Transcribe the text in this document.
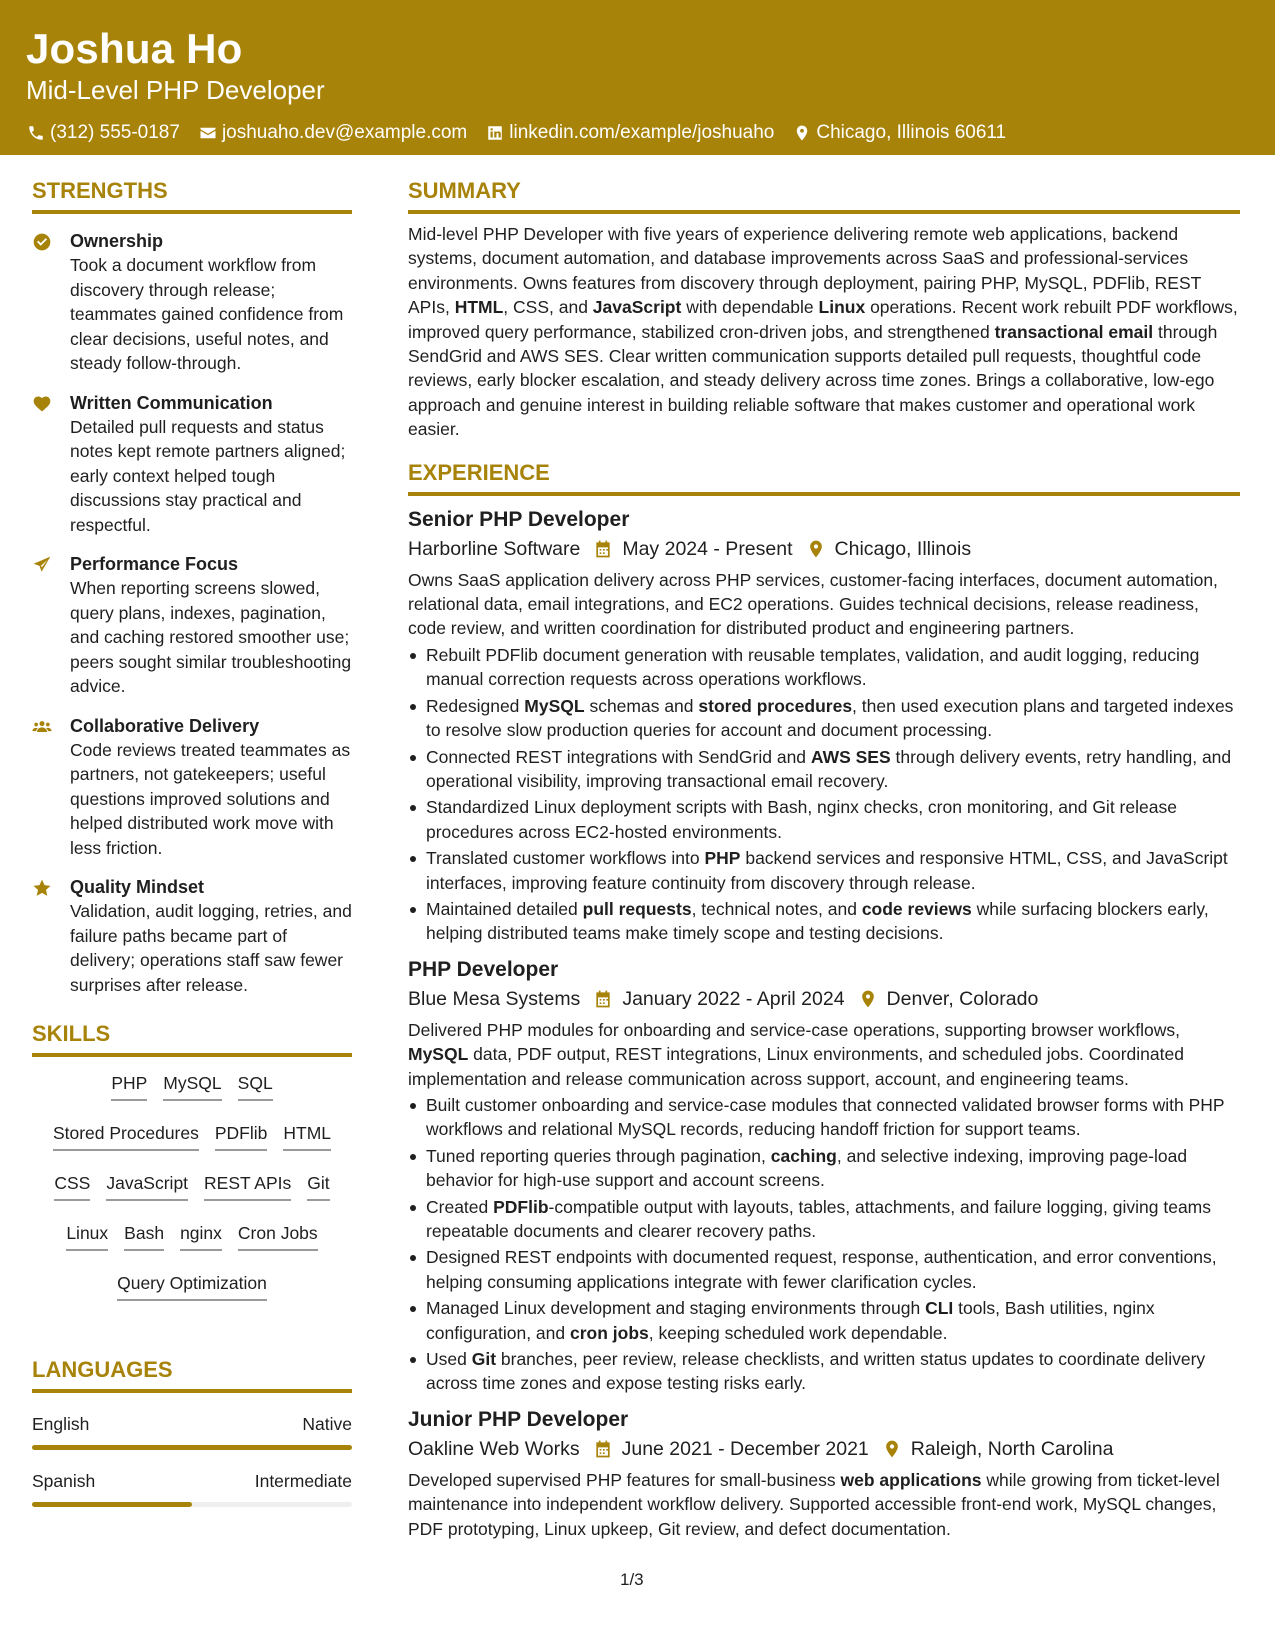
Joshua Ho
Mid-Level PHP Developer
(312) 555-0187 joshuaho.dev@example.com linkedin.com/example/joshuaho Chicago, Illinois 60611
STRENGTHS
Ownership
Took a document workflow from discovery through release; teammates gained confidence from clear decisions, useful notes, and steady follow-through.
Written Communication
Detailed pull requests and status notes kept remote partners aligned; early context helped tough discussions stay practical and respectful.
Performance Focus
When reporting screens slowed, query plans, indexes, pagination, and caching restored smoother use; peers sought similar troubleshooting advice.
Collaborative Delivery
Code reviews treated teammates as partners, not gatekeepers; useful questions improved solutions and helped distributed work move with less friction.
Quality Mindset
Validation, audit logging, retries, and failure paths became part of delivery; operations staff saw fewer surprises after release.
SKILLS
PHP MySQL SQL
Stored Procedures PDFlib HTML
CSS JavaScript REST APIs Git
Linux Bash nginx Cron Jobs
Query Optimization
LANGUAGES
English	Native
Spanish	Intermediate
SUMMARY
Mid-level PHP Developer with five years of experience delivering remote web applications, backend systems, document automation, and database improvements across SaaS and professional-services environments. Owns features from discovery through deployment, pairing PHP, MySQL, PDFlib, REST APIs, HTML, CSS, and JavaScript with dependable Linux operations. Recent work rebuilt PDF workflows, improved query performance, stabilized cron-driven jobs, and strengthened transactional email through SendGrid and AWS SES. Clear written communication supports detailed pull requests, thoughtful code reviews, early blocker escalation, and steady delivery across time zones. Brings a collaborative, low-ego approach and genuine interest in building reliable software that makes customer and operational work easier.
EXPERIENCE
Senior PHP Developer
Harborline Software May 2024 - Present Chicago, Illinois
Owns SaaS application delivery across PHP services, customer-facing interfaces, document automation, relational data, email integrations, and EC2 operations. Guides technical decisions, release readiness, code review, and written coordination for distributed product and engineering partners.
Rebuilt PDFlib document generation with reusable templates, validation, and audit logging, reducing manual correction requests across operations workflows.
Redesigned MySQL schemas and stored procedures, then used execution plans and targeted indexes to resolve slow production queries for account and document processing.
Connected REST integrations with SendGrid and AWS SES through delivery events, retry handling, and operational visibility, improving transactional email recovery.
Standardized Linux deployment scripts with Bash, nginx checks, cron monitoring, and Git release procedures across EC2-hosted environments.
Translated customer workflows into PHP backend services and responsive HTML, CSS, and JavaScript interfaces, improving feature continuity from discovery through release.
Maintained detailed pull requests, technical notes, and code reviews while surfacing blockers early, helping distributed teams make timely scope and testing decisions.
PHP Developer
Blue Mesa Systems January 2022 - April 2024 Denver, Colorado
Delivered PHP modules for onboarding and service-case operations, supporting browser workflows, MySQL data, PDF output, REST integrations, Linux environments, and scheduled jobs. Coordinated implementation and release communication across support, account, and engineering teams.
Built customer onboarding and service-case modules that connected validated browser forms with PHP workflows and relational MySQL records, reducing handoff friction for support teams.
Tuned reporting queries through pagination, caching, and selective indexing, improving page-load behavior for high-use support and account screens.
Created PDFlib-compatible output with layouts, tables, attachments, and failure logging, giving teams repeatable documents and clearer recovery paths.
Designed REST endpoints with documented request, response, authentication, and error conventions, helping consuming applications integrate with fewer clarification cycles.
Managed Linux development and staging environments through CLI tools, Bash utilities, nginx configuration, and cron jobs, keeping scheduled work dependable.
Used Git branches, peer review, release checklists, and written status updates to coordinate delivery across time zones and expose testing risks early.
Junior PHP Developer
Oakline Web Works June 2021 - December 2021 Raleigh, North Carolina
Developed supervised PHP features for small-business web applications while growing from ticket-level maintenance into independent workflow delivery. Supported accessible front-end work, MySQL changes, PDF prototyping, Linux upkeep, Git review, and defect documentation.
1/3
